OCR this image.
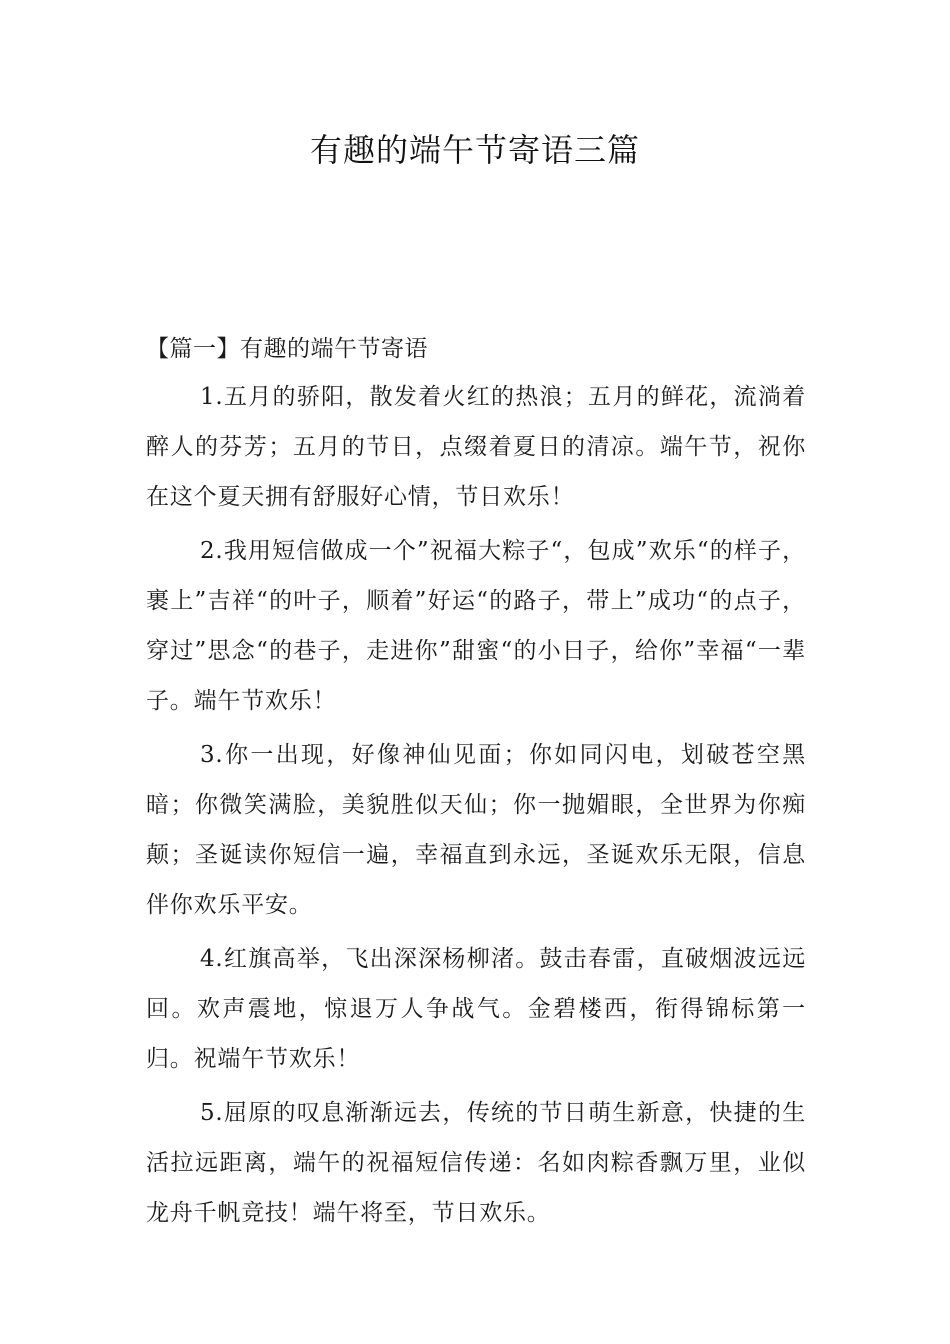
有趣的端午节寄语三篇
【篇一】有趣的端午节寄语

1.五月的骄阳，散发着火红的热浪；五月的鲜花，流淌着醉人的芬芳；五月的节日，点缀着夏日的清凉。端午节，祝你在这个夏天拥有舒服好心情，节日欢乐！

2.我用短信做成一个”祝福大粽子“，包成”欢乐“的样子，裹上”吉祥“的叶子，顺着”好运“的路子，带上”成功“的点子，穿过”思念“的巷子，走进你”甜蜜“的小日子，给你”幸福“一辈子。端午节欢乐！

3.你一出现，好像神仙见面；你如同闪电，划破苍空黑暗；你微笑满脸，美貌胜似天仙；你一抛媚眼，全世界为你痴颠；圣诞读你短信一遍，幸福直到永远，圣诞欢乐无限，信息伴你欢乐平安。

4.红旗高举，飞出深深杨柳渚。鼓击春雷，直破烟波远远回。欢声震地，惊退万人争战气。金碧楼西，衔得锦标第一归。祝端午节欢乐！

5.屈原的叹息渐渐远去，传统的节日萌生新意，快捷的生活拉远距离，端午的祝福短信传递：名如肉粽香飘万里，业似龙舟千帆竞技！端午将至，节日欢乐。
